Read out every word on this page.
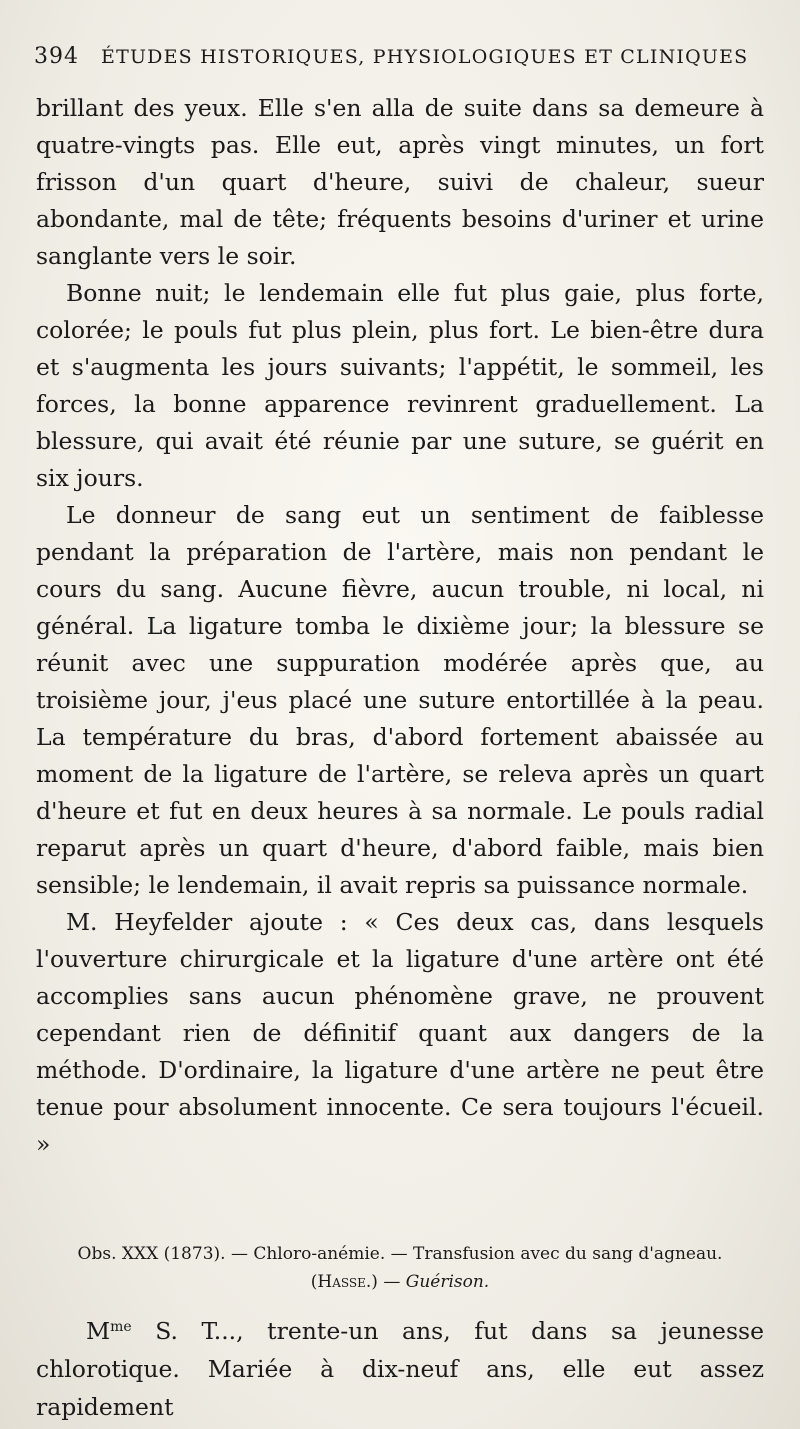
394 ÉTUDES HISTORIQUES, PHYSIOLOGIQUES ET CLINIQUES

brillant des yeux. Elle s'en alla de suite dans sa demeure à quatre-vingts pas. Elle eut, après vingt minutes, un fort frisson d'un quart d'heure, suivi de chaleur, sueur abondante, mal de tête; fréquents besoins d'uriner et urine sanglante vers le soir.

Bonne nuit; le lendemain elle fut plus gaie, plus forte, colorée; le pouls fut plus plein, plus fort. Le bien-être dura et s'augmenta les jours suivants; l'appétit, le sommeil, les forces, la bonne apparence revinrent graduellement. La blessure, qui avait été réunie par une suture, se guérit en six jours.

Le donneur de sang eut un sentiment de faiblesse pendant la préparation de l'artère, mais non pendant le cours du sang. Aucune fièvre, aucun trouble, ni local, ni général. La ligature tomba le dixième jour; la blessure se réunit avec une suppuration modérée après que, au troisième jour, j'eus placé une suture entortillée à la peau. La température du bras, d'abord fortement abaissée au moment de la ligature de l'artère, se releva après un quart d'heure et fut en deux heures à sa normale. Le pouls radial reparut après un quart d'heure, d'abord faible, mais bien sensible; le lendemain, il avait repris sa puissance normale.

M. Heyfelder ajoute : « Ces deux cas, dans lesquels l'ouverture chirurgicale et la ligature d'une artère ont été accomplies sans aucun phénomène grave, ne prouvent cependant rien de définitif quant aux dangers de la méthode. D'ordinaire, la ligature d'une artère ne peut être tenue pour absolument innocente. Ce sera toujours l'écueil. »

Obs. XXX (1873). — Chloro-anémie. — Transfusion avec du sang d'agneau.
(Hasse.) — Guérison.

$M^{me}$ S. T..., trente-un ans, fut dans sa jeunesse chlorotique. Mariée à dix-neuf ans, elle eut assez rapidement
